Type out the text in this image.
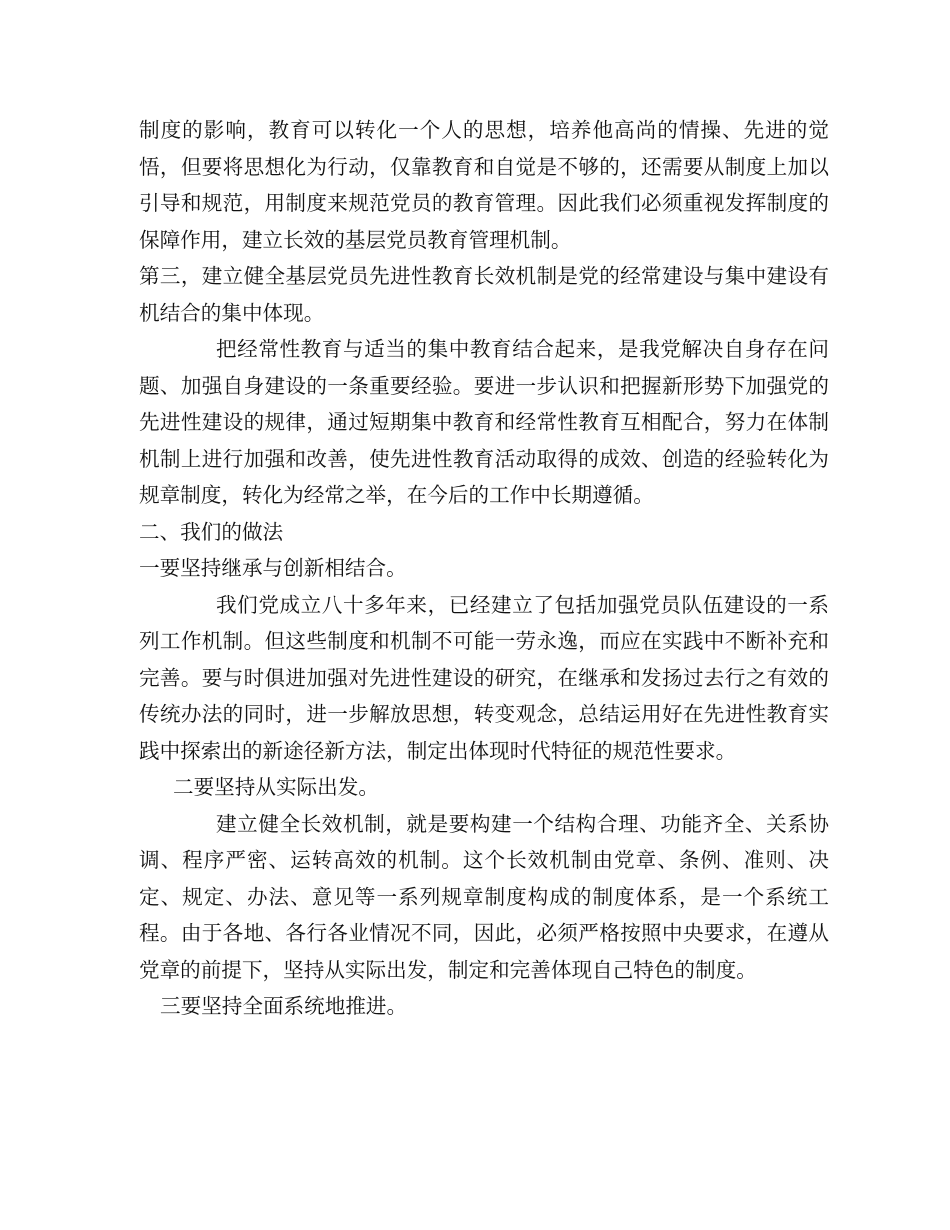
制度的影响，教育可以转化一个人的思想，培养他高尚的情操、先进的觉悟，但要将思想化为行动，仅靠教育和自觉是不够的，还需要从制度上加以引导和规范，用制度来规范党员的教育管理。因此我们必须重视发挥制度的保障作用，建立长效的基层党员教育管理机制。

第三，建立健全基层党员先进性教育长效机制是党的经常建设与集中建设有机结合的集中体现。

把经常性教育与适当的集中教育结合起来，是我党解决自身存在问题、加强自身建设的一条重要经验。要进一步认识和把握新形势下加强党的先进性建设的规律，通过短期集中教育和经常性教育互相配合，努力在体制机制上进行加强和改善，使先进性教育活动取得的成效、创造的经验转化为规章制度，转化为经常之举，在今后的工作中长期遵循。

二、我们的做法

一要坚持继承与创新相结合。

我们党成立八十多年来，已经建立了包括加强党员队伍建设的一系列工作机制。但这些制度和机制不可能一劳永逸，而应在实践中不断补充和完善。要与时俱进加强对先进性建设的研究，在继承和发扬过去行之有效的传统办法的同时，进一步解放思想，转变观念，总结运用好在先进性教育实践中探索出的新途径新方法，制定出体现时代特征的规范性要求。

二要坚持从实际出发。

建立健全长效机制，就是要构建一个结构合理、功能齐全、关系协调、程序严密、运转高效的机制。这个长效机制由党章、条例、准则、决定、规定、办法、意见等一系列规章制度构成的制度体系，是一个系统工程。由于各地、各行各业情况不同，因此，必须严格按照中央要求，在遵从党章的前提下，坚持从实际出发，制定和完善体现自己特色的制度。

三要坚持全面系统地推进。
